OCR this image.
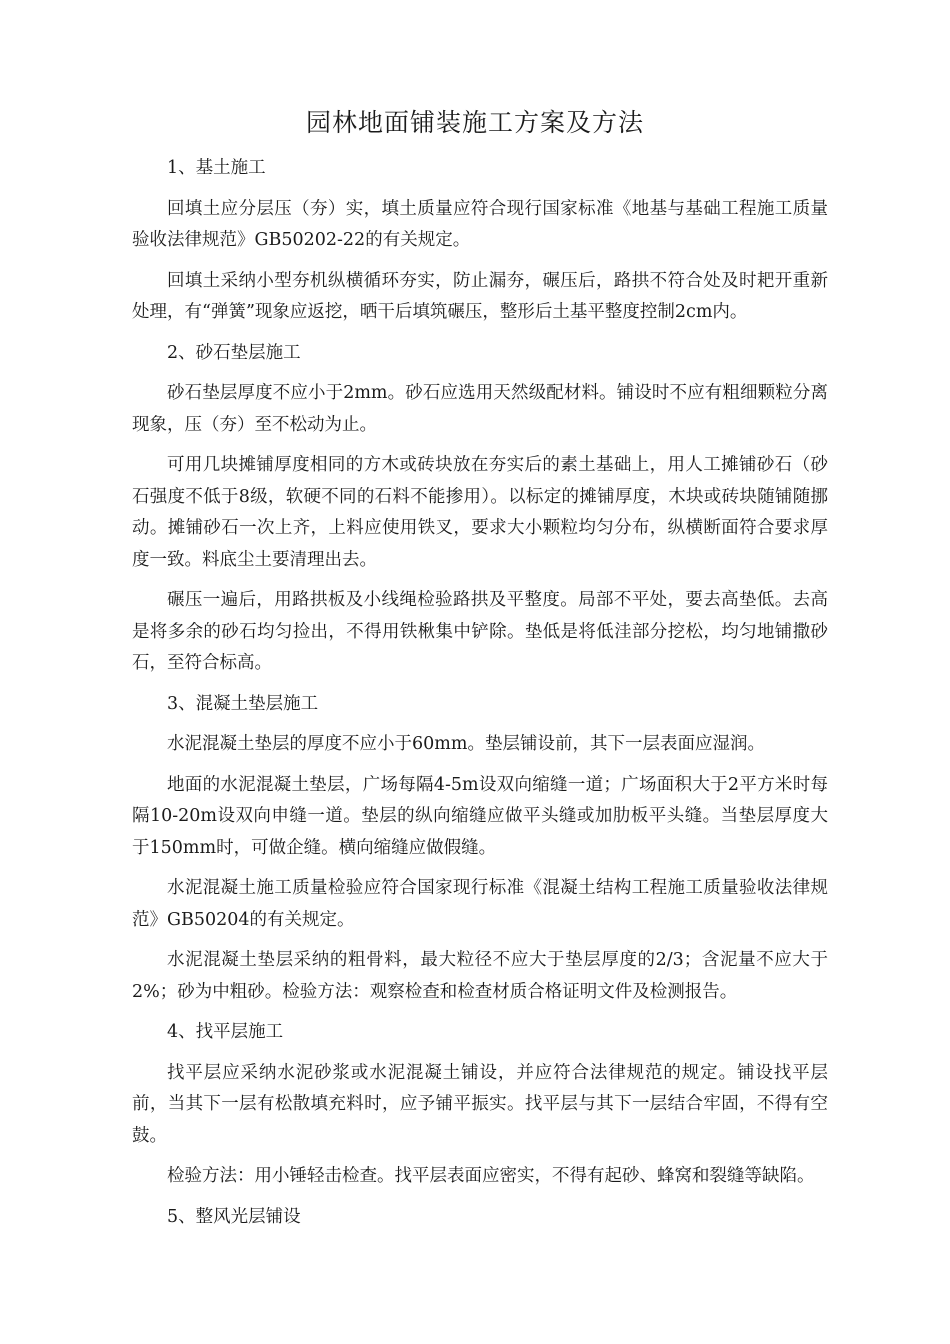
园林地面铺装施工方案及方法

1、基土施工

回填土应分层压（夯）实，填土质量应符合现行国家标准《地基与基础工程施工质量验收法律规范》GB50202-22的有关规定。

回填土采纳小型夯机纵横循环夯实，防止漏夯，碾压后，路拱不符合处及时耙开重新处理，有“弹簧”现象应返挖，晒干后填筑碾压，整形后土基平整度控制2cm内。

2、砂石垫层施工

砂石垫层厚度不应小于2mm。砂石应选用天然级配材料。铺设时不应有粗细颗粒分离现象，压（夯）至不松动为止。

可用几块摊铺厚度相同的方木或砖块放在夯实后的素土基础上，用人工摊铺砂石（砂石强度不低于8级，软硬不同的石料不能掺用）。以标定的摊铺厚度，木块或砖块随铺随挪动。摊铺砂石一次上齐，上料应使用铁叉，要求大小颗粒均匀分布，纵横断面符合要求厚度一致。料底尘土要清理出去。

碾压一遍后，用路拱板及小线绳检验路拱及平整度。局部不平处，要去高垫低。去高是将多余的砂石均匀捡出，不得用铁楸集中铲除。垫低是将低洼部分挖松，均匀地铺撒砂石，至符合标高。

3、混凝土垫层施工

水泥混凝土垫层的厚度不应小于60mm。垫层铺设前，其下一层表面应湿润。

地面的水泥混凝土垫层，广场每隔4-5m设双向缩缝一道；广场面积大于2平方米时每隔10-20m设双向申缝一道。垫层的纵向缩缝应做平头缝或加肋板平头缝。当垫层厚度大于150mm时，可做企缝。横向缩缝应做假缝。

水泥混凝土施工质量检验应符合国家现行标准《混凝土结构工程施工质量验收法律规范》GB50204的有关规定。

水泥混凝土垫层采纳的粗骨料，最大粒径不应大于垫层厚度的2/3；含泥量不应大于2%；砂为中粗砂。检验方法：观察检查和检查材质合格证明文件及检测报告。

4、找平层施工

找平层应采纳水泥砂浆或水泥混凝土铺设，并应符合法律规范的规定。铺设找平层前，当其下一层有松散填充料时，应予铺平振实。找平层与其下一层结合牢固，不得有空鼓。

检验方法：用小锤轻击检查。找平层表面应密实，不得有起砂、蜂窝和裂缝等缺陷。

5、整风光层铺设
